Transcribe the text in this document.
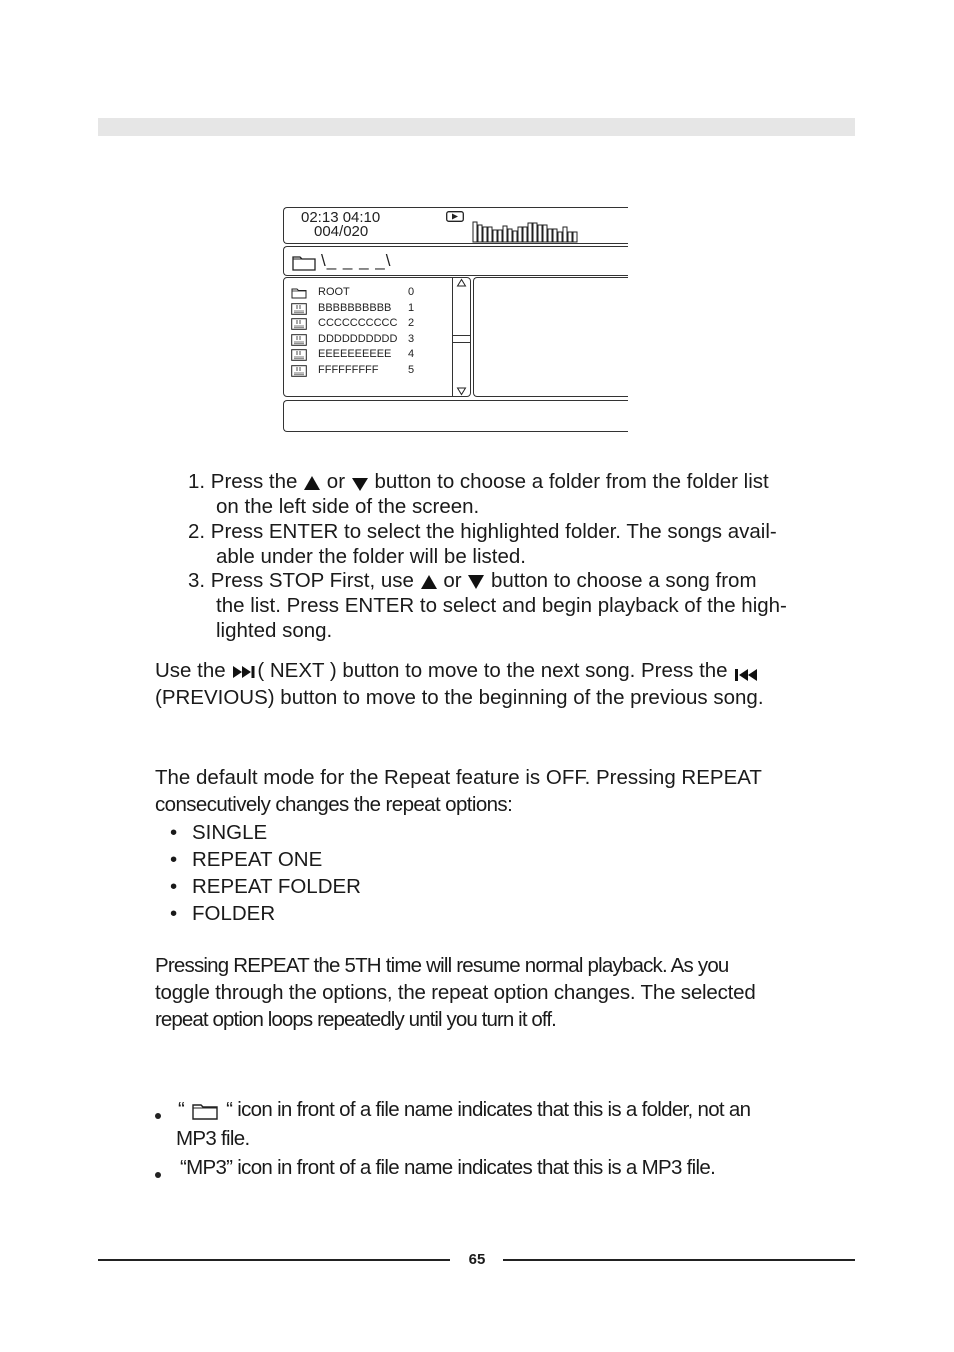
02:13 04:10
004/020
\_ _ _ _\
ROOT	0
BBBBBBBBBB 1
CCCCCCCCCC 2
DDDDDDDDDD 3
EEEEEEEEEE 4
FFFFFFFFF	5
1. Press the or button to choose a folder from the folder list
on the left side of the screen.
2. Press ENTER to select the highlighted folder. The songs avail-
able under the folder will be listed.
3. Press STOP First, use or button to choose a song from
the list. Press ENTER to select and begin playback of the high-
lighted song.
Use the ( NEXT ) button to move to the next song. Press the
(PREVIOUS) button to move to the beginning of the previous song.
The default mode for the Repeat feature is OFF. Pressing REPEAT
consecutively changes the repeat options:
• SINGLE
• REPEAT ONE
• REPEAT FOLDER
• FOLDER
Pressing REPEAT the 5TH time will resume normal playback. As you
toggle through the options, the repeat option changes. The selected
repeat option loops repeatedly until you turn it off.
“ “ icon in front of a file name indicates that this is a folder, not an
MP3 file.
“MP3” icon in front of a file name indicates that this is a MP3 file.
65
